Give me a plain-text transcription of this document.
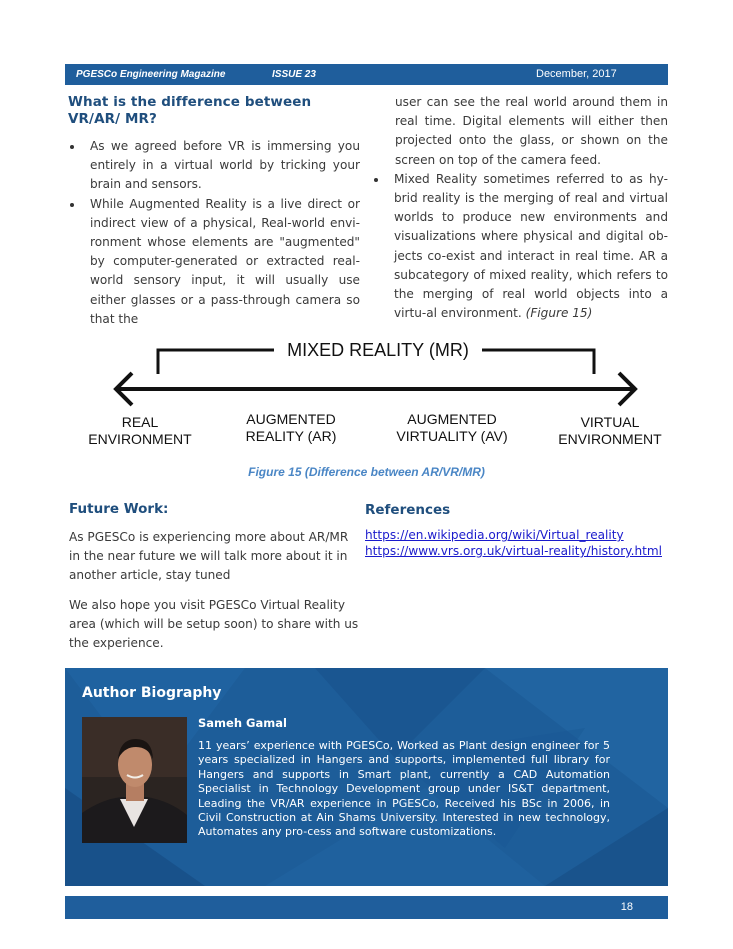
PGESCo Engineering Magazine	ISSUE 23	December, 2017
What is the difference between VR/AR/ MR?
As we agreed before VR is immersing you entirely in a virtual world by tricking your brain and sensors.
While Augmented Reality is a live direct or indirect view of a physical, Real-world envi-ronment whose elements are "augmented" by computer-generated or extracted real-world sensory input, it will usually use either glasses or a pass-through camera so that the

user can see the real world around them in real time. Digital elements will either then projected onto the glass, or shown on the screen on top of the camera feed.

Mixed Reality sometimes referred to as hy-brid reality is the merging of real and virtual worlds to produce new environments and visualizations where physical and digital ob-jects co-exist and interact in real time. AR a subcategory of mixed reality, which refers to the merging of real world objects into a virtu-al environment. (Figure 15)
MIXED REALITY (MR)
REAL
ENVIRONMENT
AUGMENTED
REALITY (AR)
AUGMENTED
VIRTUALITY (AV)
VIRTUAL
ENVIRONMENT
Figure 15 (Difference between AR/VR/MR)
Future Work:

As PGESCo is experiencing more about AR/MR in the near future we will talk more about it in another article, stay tuned

We also hope you visit PGESCo Virtual Reality area (which will be setup soon) to share with us the experience.

References
https://en.wikipedia.org/wiki/Virtual_reality
https://www.vrs.org.uk/virtual-reality/history.html
Author Biography
Sameh Gamal

11 years’ experience with PGESCo, Worked as Plant design engineer for 5 years specialized in Hangers and supports, implemented full library for Hangers and supports in Smart plant, currently a CAD Automation Specialist in Technology Development group under IS&T department, Leading the VR/AR experience in PGESCo, Received his BSc in 2006, in Civil Construction at Ain Shams University. Interested in new technology, Automates any pro-cess and software customizations.

18
